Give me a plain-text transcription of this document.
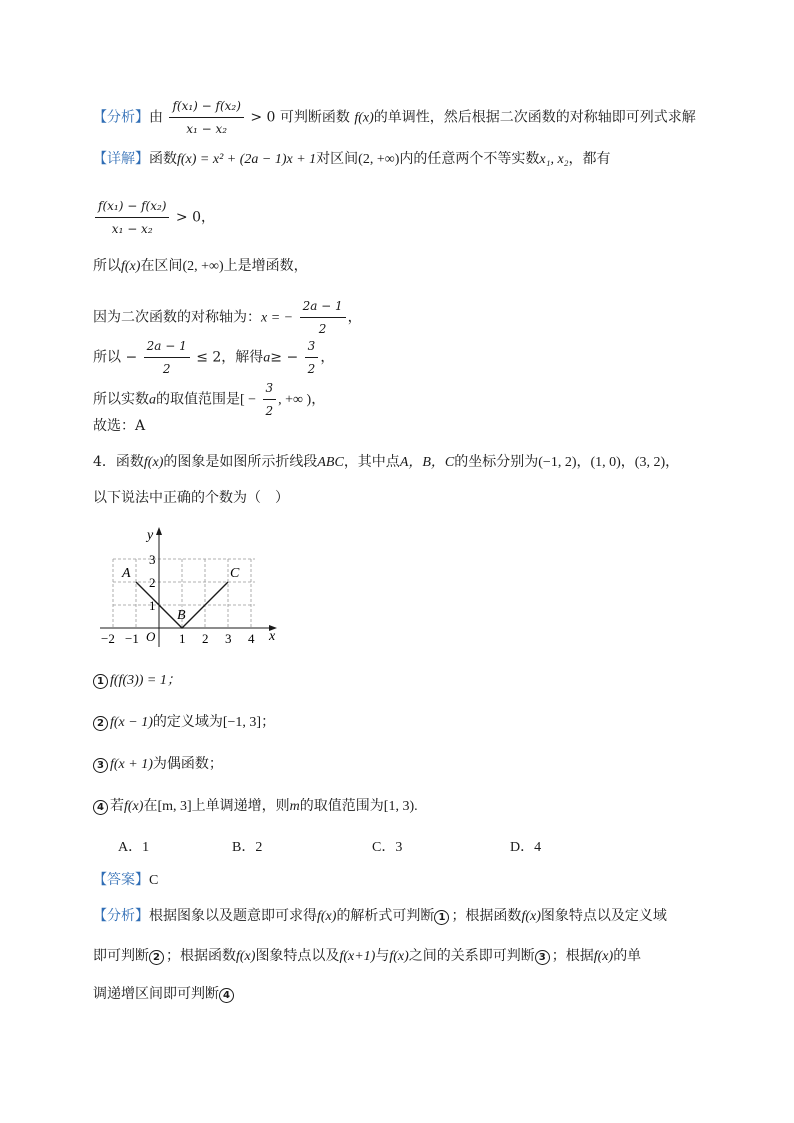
【分析】由 $\frac{\text{f(x₁) − f(x₂)}}{\text{x₁ − x₂}} > 0$ 可判断函数 f(x)的单调性，然后根据二次函数的对称轴即可列式求解
【详解】函数f(x) = x² + (2a − 1)x + 1对区间(2, +∞)内的任意两个不等实数x₁, x₂，都有
$\frac{\text{f(x₁) − f(x₂)}}{\text{x₁ − x₂}} > 0$，
所以f(x)在区间(2, +∞)上是增函数，
因为二次函数的对称轴为：x = − $\frac{2a - 1}{2}$ ，
所以 − $\frac{2a - 1}{2} \le 2$，解得$a\ge - \frac{3}{2}$ ，
所以实数a的取值范围是[ − $\frac{3}{2}$ , +∞ )，
故选：A
4．函数f(x)的图象是如图所示折线段ABC，其中点A，B，C的坐标分别为(−1, 2)，(1, 0)，(3, 2)，
以下说法中正确的个数为（　）
y
x
O
A
B
C
−2 −1	1 2 3 4
1
2
3
1 f(f(3)) = 1；
2 f(x − 1)的定义域为[−1, 3]；
3 f(x + 1)为偶函数；
4 若f(x)在[m, 3]上单调递增，则m的取值范围为[1, 3).
A．1	B．2	C．3	D．4
【答案】C
【分析】根据图象以及题意即可求得f(x)的解析式可判断 1 ；根据函数f(x)图象特点以及定义域
即可判断 2 ；根据函数f(x)图象特点以及f(x+1)与f(x)之间的关系即可判断 3 ；根据f(x)的单
调递增区间即可判断 4
